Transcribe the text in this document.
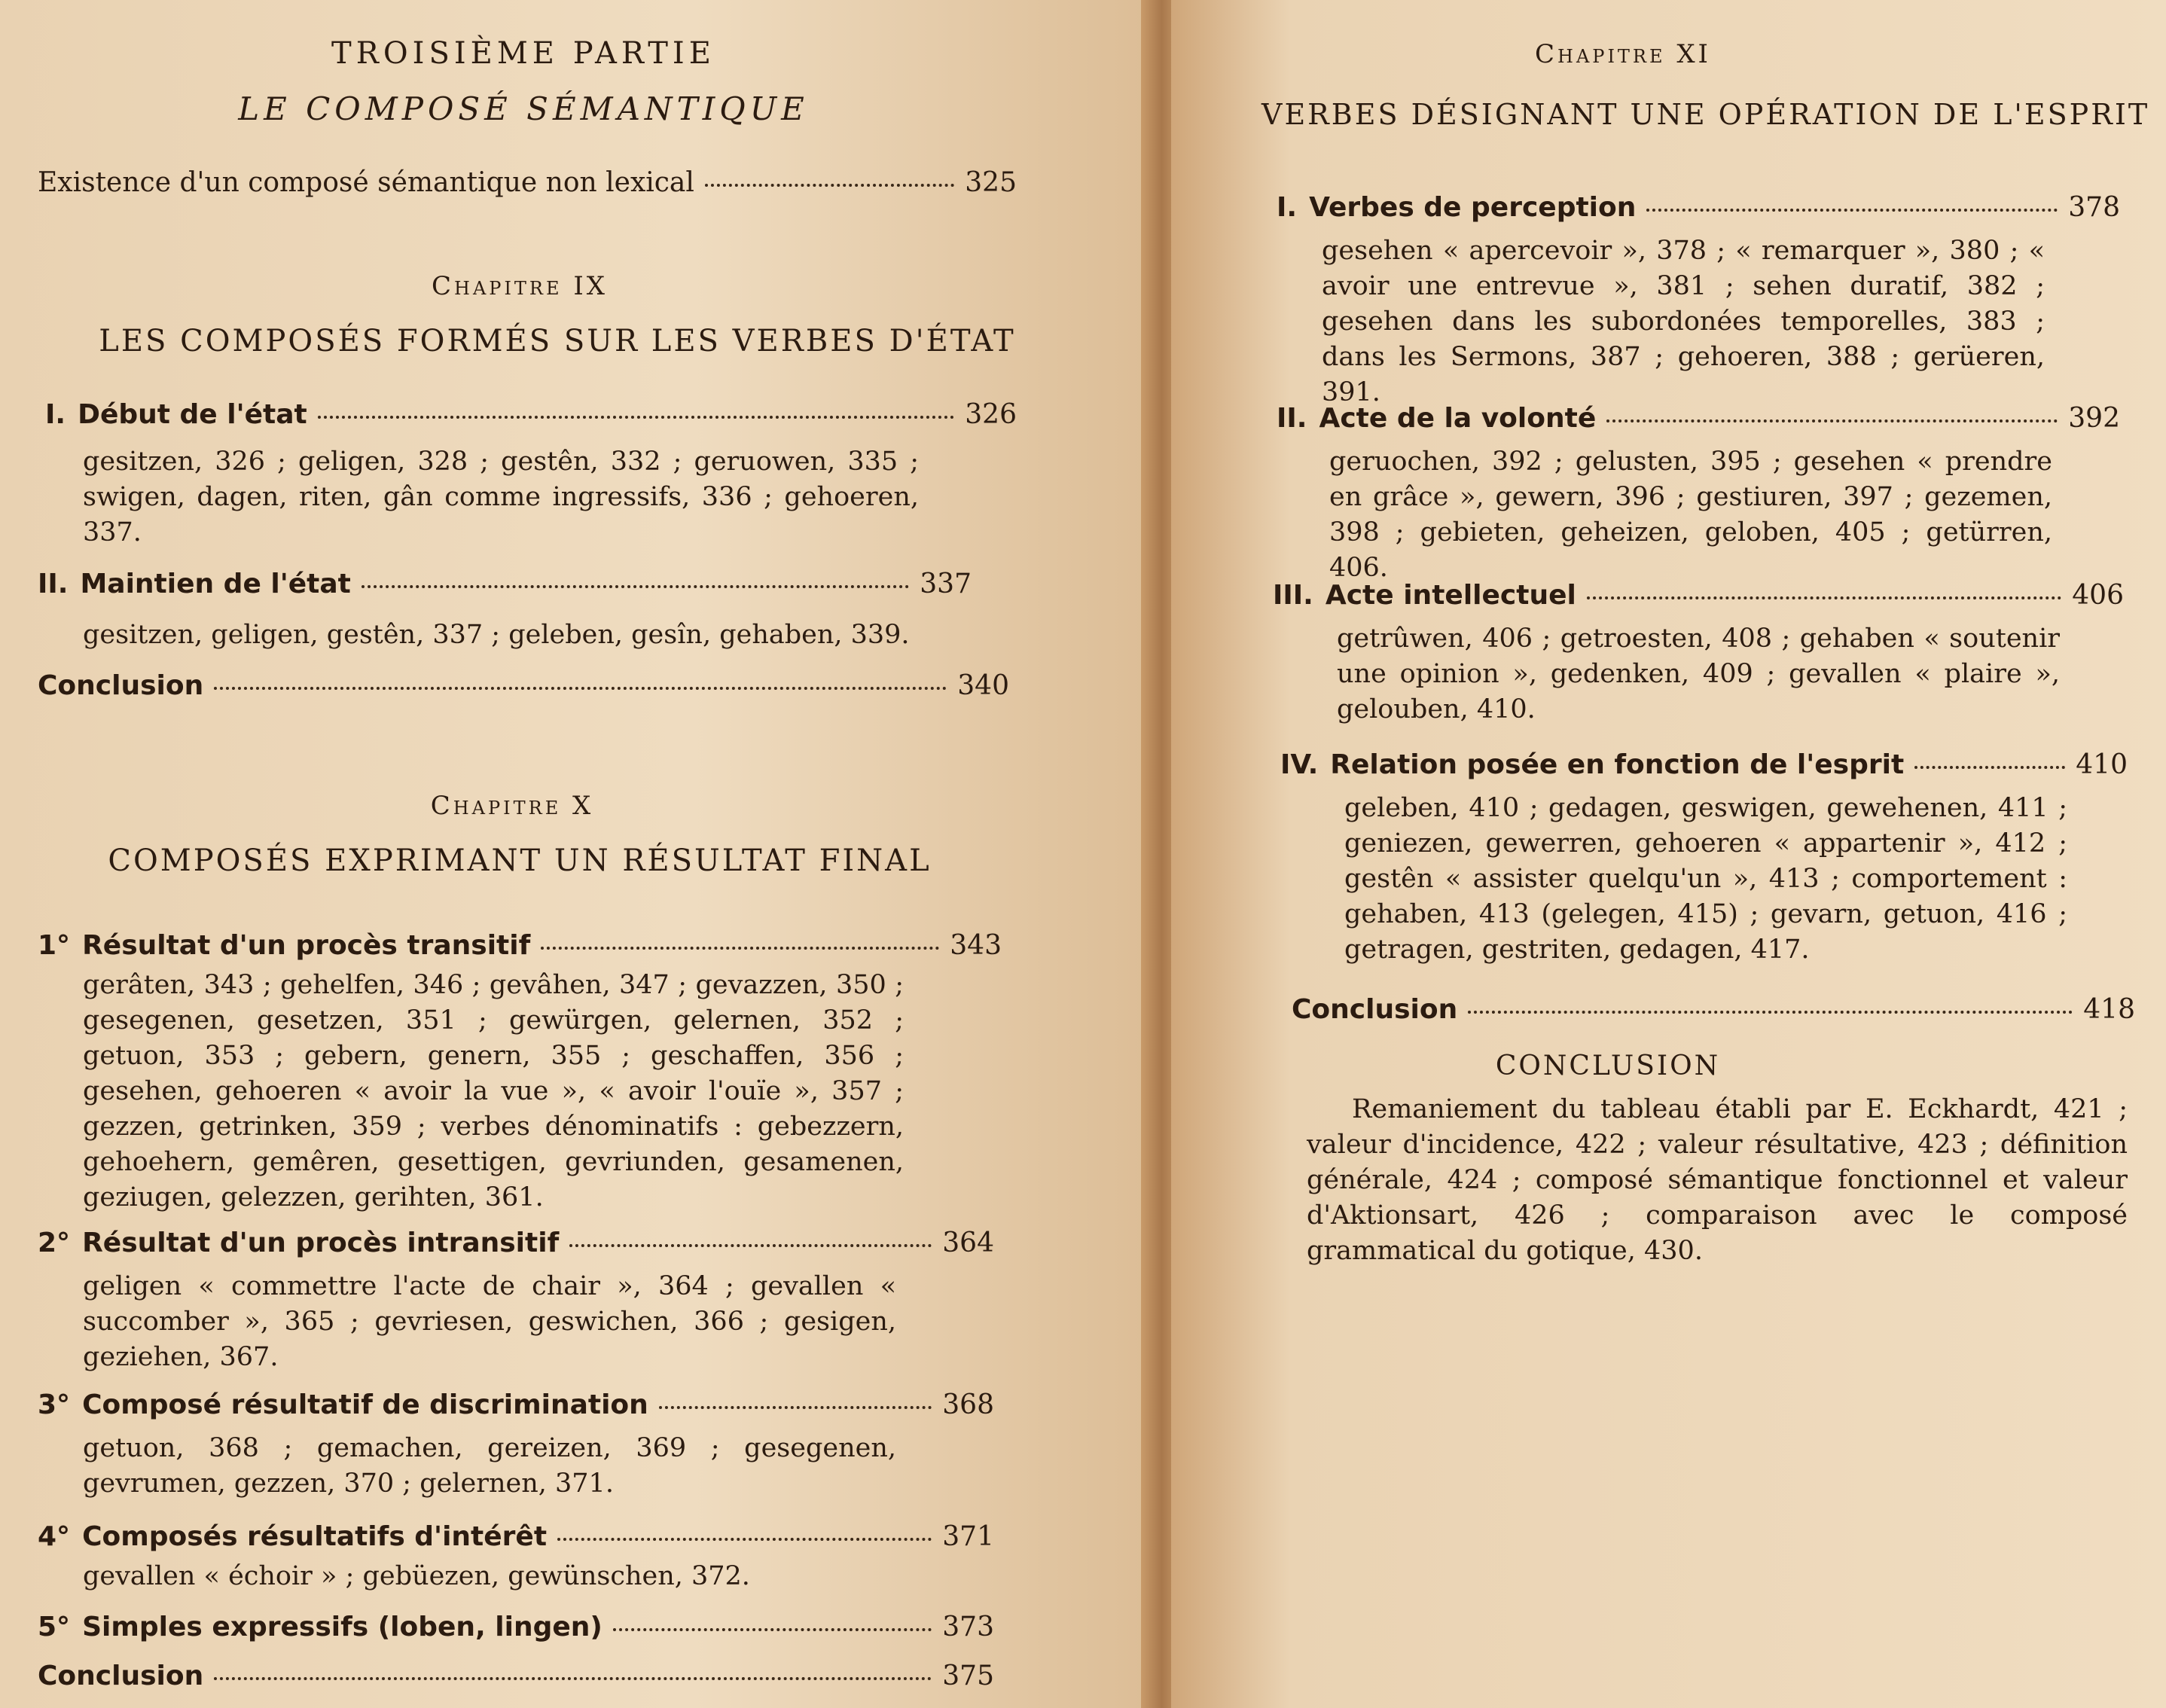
TROISIÈME PARTIE
LE COMPOSÉ SÉMANTIQUE
Existence d'un composé sémantique non lexical	325
Chapitre IX
LES COMPOSÉS FORMÉS SUR LES VERBES D'ÉTAT
I. Début de l'état	326
gesitzen, 326 ; geligen, 328 ; gestên, 332 ; geruowen, 335 ; swigen, dagen, riten, gân comme ingressifs, 336 ; gehoeren, 337.
II. Maintien de l'état	337
gesitzen, geligen, gestên, 337 ; geleben, gesîn, gehaben, 339.
Conclusion	340
Chapitre X
COMPOSÉS EXPRIMANT UN RÉSULTAT FINAL
1° Résultat d'un procès transitif	343
gerâten, 343 ; gehelfen, 346 ; gevâhen, 347 ; gevazzen, 350 ; gesegenen, gesetzen, 351 ; gewürgen, gelernen, 352 ; getuon, 353 ; gebern, genern, 355 ; geschaffen, 356 ; gesehen, gehoeren « avoir la vue », « avoir l'ouïe », 357 ; gezzen, getrinken, 359 ; verbes dénominatifs : gebezzern, gehoehern, gemêren, gesettigen, gevriunden, gesamenen, geziugen, gelezzen, gerihten, 361.
2° Résultat d'un procès intransitif	364
geligen « commettre l'acte de chair », 364 ; gevallen « succomber », 365 ; gevriesen, geswichen, 366 ; gesigen, geziehen, 367.
3° Composé résultatif de discrimination	368
getuon, 368 ; gemachen, gereizen, 369 ; gesegenen, gevrumen, gezzen, 370 ; gelernen, 371.
4° Composés résultatifs d'intérêt	371
gevallen « échoir » ; gebüezen, gewünschen, 372.
5° Simples expressifs (loben, lingen)	373
Conclusion	375
Chapitre XI
VERBES DÉSIGNANT UNE OPÉRATION DE L'ESPRIT
I. Verbes de perception	378
gesehen « apercevoir », 378 ; « remarquer », 380 ; « avoir une entrevue », 381 ; sehen duratif, 382 ; gesehen dans les subordonées temporelles, 383 ; dans les Sermons, 387 ; gehoeren, 388 ; gerüeren, 391.
II. Acte de la volonté	392
geruochen, 392 ; gelusten, 395 ; gesehen « prendre en grâce », gewern, 396 ; gestiuren, 397 ; gezemen, 398 ; gebieten, geheizen, geloben, 405 ; getürren, 406.
III. Acte intellectuel	406
getrûwen, 406 ; getroesten, 408 ; gehaben « soutenir une opinion », gedenken, 409 ; gevallen « plaire », gelouben, 410.
IV. Relation posée en fonction de l'esprit	410
geleben, 410 ; gedagen, geswigen, gewehenen, 411 ; geniezen, gewerren, gehoeren « appartenir », 412 ; gestên « assister quelqu'un », 413 ; comportement : gehaben, 413 (gelegen, 415) ; gevarn, getuon, 416 ; getragen, gestriten, gedagen, 417.
Conclusion	418
CONCLUSION
Remaniement du tableau établi par E. Eckhardt, 421 ; valeur d'incidence, 422 ; valeur résultative, 423 ; définition générale, 424 ; composé sémantique fonctionnel et valeur d'Aktionsart, 426 ; comparaison avec le composé grammatical du gotique, 430.
